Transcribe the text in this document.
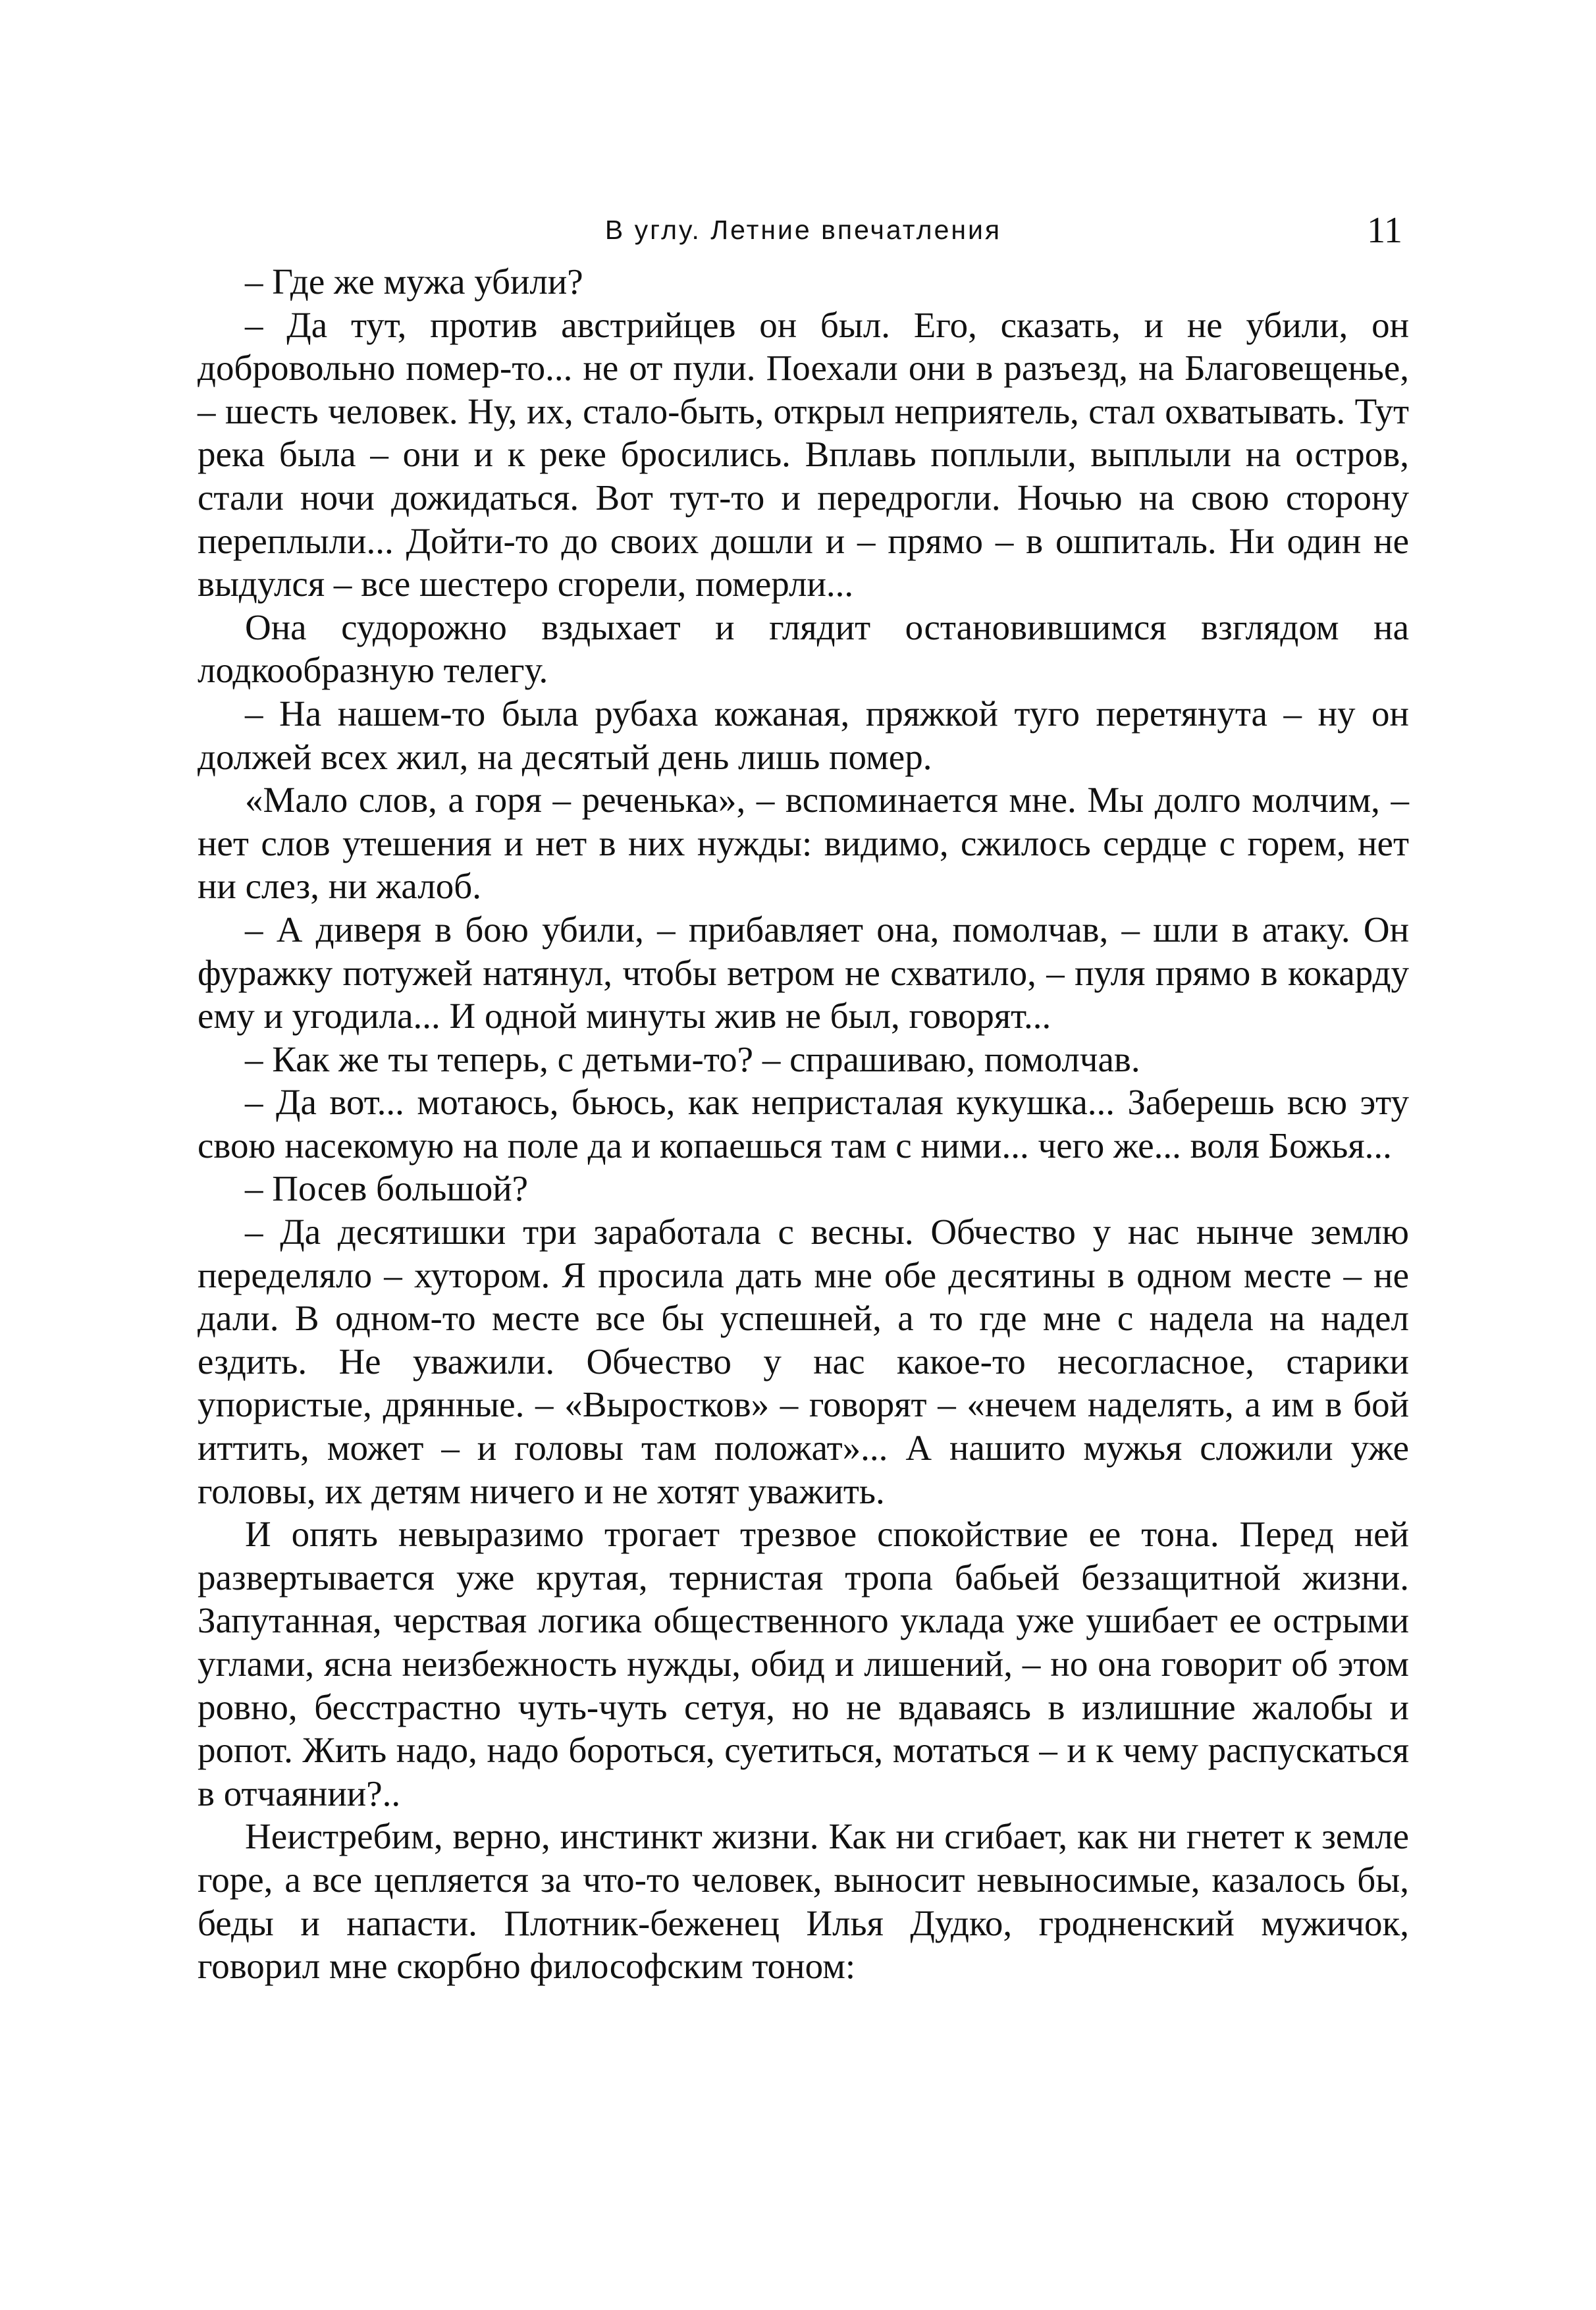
В углу. Летние впечатления	11

– Где же мужа убили?

– Да тут, против австрийцев он был. Его, сказать, и не убили, он добровольно помер-то... не от пули. Поехали они в разъезд, на Благовещенье, – шесть человек. Ну, их, стало-быть, открыл неприятель, стал охватывать. Тут река была – они и к реке бросились. Вплавь поплыли, выплыли на остров, стали ночи дожидаться. Вот тут-то и передрогли. Ночью на свою сторону переплыли... Дойти-то до своих дошли и – прямо – в ошпиталь. Ни один не выдулся – все шестеро сгорели, померли...

Она судорожно вздыхает и глядит остановившимся взглядом на лодкообразную телегу.

– На нашем-то была рубаха кожаная, пряжкой туго перетянута – ну он должей всех жил, на десятый день лишь помер.

«Мало слов, а горя – реченька», – вспоминается мне. Мы долго молчим, – нет слов утешения и нет в них нужды: видимо, сжилось сердце с горем, нет ни слез, ни жалоб.

– А диверя в бою убили, – прибавляет она, помолчав, – шли в атаку. Он фуражку потужей натянул, чтобы ветром не схватило, – пуля прямо в кокарду ему и угодила... И одной минуты жив не был, говорят...

– Как же ты теперь, с детьми-то? – спрашиваю, помолчав.

– Да вот... мотаюсь, бьюсь, как непристалая кукушка... Заберешь всю эту свою насекомую на поле да и копаешься там с ними... чего же... воля Божья...

– Посев большой?

– Да десятишки три заработала с весны. Обчество у нас нынче землю переделяло – хутором. Я просила дать мне обе десятины в одном месте – не дали. В одном-то месте все бы успешней, а то где мне с надела на надел ездить. Не уважили. Обчество у нас какое-то несогласное, старики упористые, дрянные. – «Выростков» – говорят – «нечем наделять, а им в бой иттить, может – и головы там положат»... А нашито мужья сложили уже головы, их детям ничего и не хотят уважить.

И опять невыразимо трогает трезвое спокойствие ее тона. Перед ней развертывается уже крутая, тернистая тропа бабьей беззащитной жизни. Запутанная, черствая логика общественного уклада уже ушибает ее острыми углами, ясна неизбежность нужды, обид и лишений, – но она говорит об этом ровно, бесстрастно чуть-чуть сетуя, но не вдаваясь в излишние жалобы и ропот. Жить надо, надо бороться, суетиться, мотаться – и к чему распускаться в отчаянии?..

Неистребим, верно, инстинкт жизни. Как ни сгибает, как ни гнетет к земле горе, а все цепляется за что-то человек, выносит невыносимые, казалось бы, беды и напасти. Плотник-беженец Илья Дудко, гродненский мужичок, говорил мне скорбно философским тоном:
